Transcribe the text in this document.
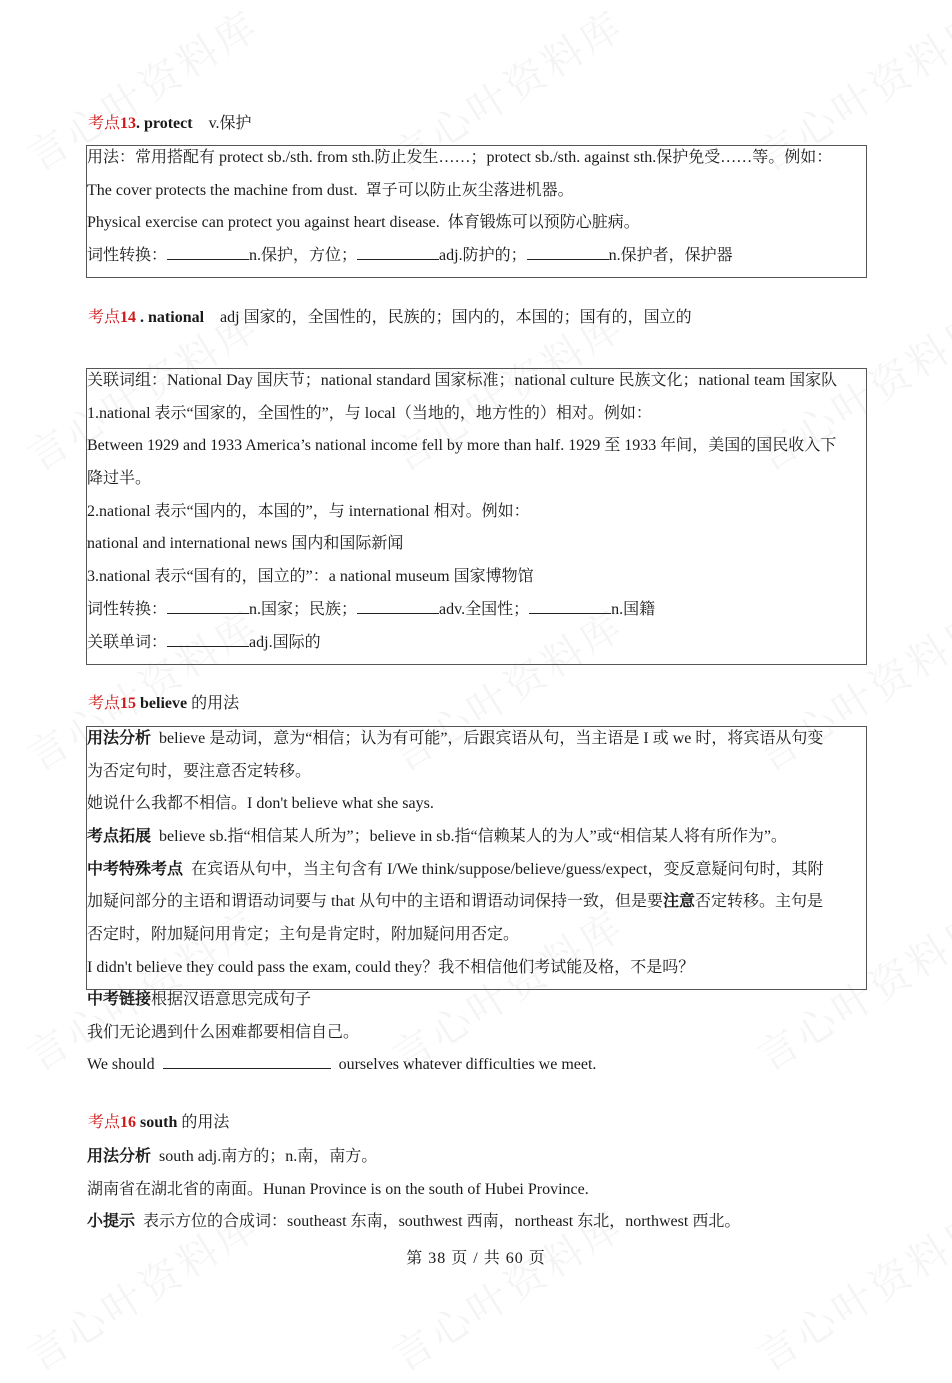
考点13. protect    v.保护
用法：常用搭配有 protect sb./sth. from sth.防止发生……；protect sb./sth. against sth.保护免受……等。例如：
The cover protects the machine from dust.  罩子可以防止灰尘落进机器。
Physical exercise can protect you against heart disease.  体育锻炼可以预防心脏病。
词性转换：	n.保护，方位；	adj.防护的；	n.保护者，保护器
考点14 . national    adj 国家的，全国性的，民族的；国内的，本国的；国有的，国立的
关联词组：National Day 国庆节；national standard 国家标准；national culture 民族文化；national team 国家队
1.national 表示“国家的，全国性的”，与 local（当地的，地方性的）相对。例如：
Between 1929 and 1933 America’s national income fell by more than half. 1929 至 1933 年间，美国的国民收入下
降过半。
2.national 表示“国内的，本国的”，与 international 相对。例如：
national and international news 国内和国际新闻
3.national 表示“国有的，国立的”：a national museum 国家博物馆
词性转换：	n.国家；民族；	adv.全国性；	n.国籍
关联单词：	adj.国际的
考点15 believe 的用法
用法分析  believe 是动词，意为“相信；认为有可能”，后跟宾语从句，当主语是 I 或 we 时，将宾语从句变
为否定句时，要注意否定转移。
她说什么我都不相信。I don't believe what she says.
考点拓展  believe sb.指“相信某人所为”；believe in sb.指“信赖某人的为人”或“相信某人将有所作为”。
中考特殊考点  在宾语从句中，当主句含有 I/We think/suppose/believe/guess/expect，变反意疑问句时，其附
加疑问部分的主语和谓语动词要与 that 从句中的主语和谓语动词保持一致，但是要注意否定转移。主句是
否定时，附加疑问用肯定；主句是肯定时，附加疑问用否定。
I didn't believe they could pass the exam, could they？我不相信他们考试能及格，不是吗？
中考链接根据汉语意思完成句子
我们无论遇到什么困难都要相信自己。
We should	ourselves whatever difficulties we meet.
考点16 south 的用法
用法分析  south adj.南方的；n.南，南方。
湖南省在湖北省的南面。Hunan Province is on the south of Hubei Province.
小提示  表示方位的合成词：southeast 东南，southwest 西南，northeast 东北，northwest 西北。
第 38 页 / 共 60 页
